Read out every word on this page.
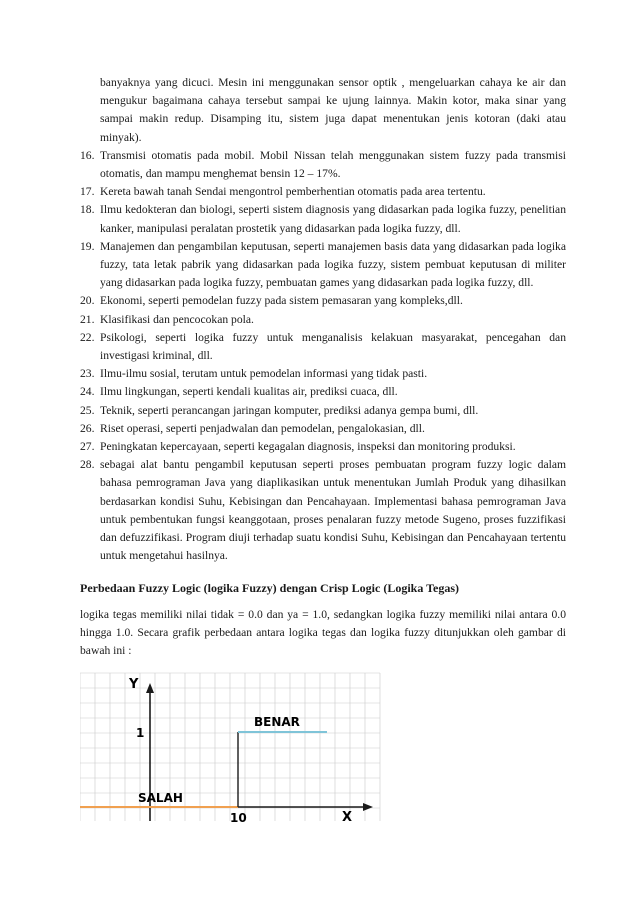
banyaknya yang dicuci. Mesin ini menggunakan sensor optik , mengeluarkan cahaya ke air dan mengukur bagaimana cahaya tersebut sampai ke ujung lainnya. Makin kotor, maka sinar yang sampai makin redup. Disamping itu, sistem juga dapat menentukan jenis kotoran (daki atau minyak).
16. Transmisi otomatis pada mobil. Mobil Nissan telah menggunakan sistem fuzzy pada transmisi otomatis, dan mampu menghemat bensin 12 – 17%.
17. Kereta bawah tanah Sendai mengontrol pemberhentian otomatis pada area tertentu.
18. Ilmu kedokteran dan biologi, seperti sistem diagnosis yang didasarkan pada logika fuzzy, penelitian kanker, manipulasi peralatan prostetik yang didasarkan pada logika fuzzy, dll.
19. Manajemen dan pengambilan keputusan, seperti manajemen basis data yang didasarkan pada logika fuzzy, tata letak pabrik yang didasarkan pada logika fuzzy, sistem pembuat keputusan di militer yang didasarkan pada logika fuzzy, pembuatan games yang didasarkan pada logika fuzzy, dll.
20. Ekonomi, seperti pemodelan fuzzy pada sistem pemasaran yang kompleks,dll.
21. Klasifikasi dan pencocokan pola.
22. Psikologi, seperti logika fuzzy untuk menganalisis kelakuan masyarakat, pencegahan dan investigasi kriminal, dll.
23. Ilmu-ilmu sosial, terutam untuk pemodelan informasi yang tidak pasti.
24. Ilmu lingkungan, seperti kendali kualitas air, prediksi cuaca, dll.
25. Teknik, seperti perancangan jaringan komputer, prediksi adanya gempa bumi, dll.
26. Riset operasi, seperti penjadwalan dan pemodelan, pengalokasian, dll.
27. Peningkatan kepercayaan, seperti kegagalan diagnosis, inspeksi dan monitoring produksi.
28. sebagai alat bantu pengambil keputusan seperti proses pembuatan program fuzzy logic dalam bahasa pemrograman Java yang diaplikasikan untuk menentukan Jumlah Produk yang dihasilkan berdasarkan kondisi Suhu, Kebisingan dan Pencahayaan. Implementasi bahasa pemrograman Java untuk pembentukan fungsi keanggotaan, proses penalaran fuzzy metode Sugeno, proses fuzzifikasi dan defuzzifikasi. Program diuji terhadap suatu kondisi Suhu, Kebisingan dan Pencahayaan tertentu untuk mengetahui hasilnya.
Perbedaan Fuzzy Logic (logika Fuzzy) dengan Crisp Logic (Logika Tegas)
logika tegas memiliki nilai tidak = 0.0 dan ya = 1.0, sedangkan logika fuzzy memiliki nilai antara 0.0 hingga 1.0. Secara grafik perbedaan antara logika tegas dan logika fuzzy ditunjukkan oleh gambar di bawah ini :
Y
X
1
10
BENAR
SALAH
